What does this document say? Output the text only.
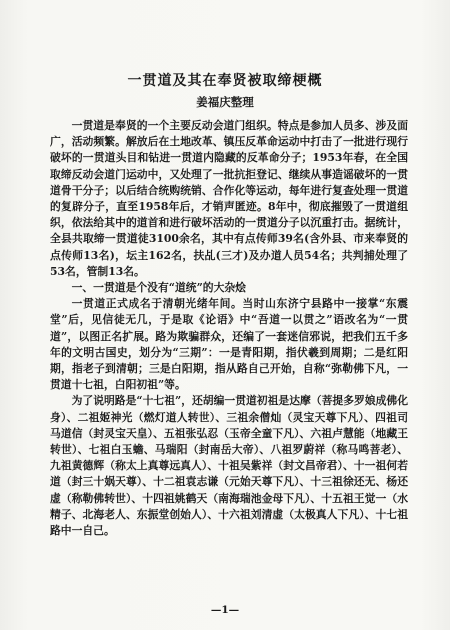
一贯道及其在奉贤被取缔梗概
姜福庆整理

一贯道是奉贤的一个主要反动会道门组织。特点是参加人员多、涉及面广，活动频繁。解放后在土地改革、镇压反革命运动中打击了一批进行现行破坏的一贯道头目和钻进一贯道内隐藏的反革命分子；1953年春，在全国取缔反动会道门运动中，又处理了一批抗拒登记、继续从事造谣破坏的一贯道骨干分子；以后结合统购统销、合作化等运动，每年进行复查处理一贯道的复辟分子，直至1958年后，才销声匿迹。8年中，彻底摧毁了一贯道组织，依法给其中的道首和进行破坏活动的一贯道分子以沉重打击。据统计，全县共取缔一贯道徒3100余名，其中有点传师39名(含外县、市来奉贤的点传师13名)，坛主162名，扶乩(三才)及办道人员54名；共判捕处理了53名，管制13名。

一、一贯道是个没有“道统”的大杂烩

一贯道正式成名于清朝光绪年间。当时山东济宁县路中一接掌“东震堂”后，见信徒无几，于是取《论语》中“吾道一以贯之”语改名为“一贯道”，以图正名扩展。路为欺骗群众，还编了一套迷信邪说，把我们五千多年的文明古国史，划分为“三期”：一是青阳期，指伏羲到周期；二是红阳期，指老子到清朝；三是白阳期，指从路自己开始，自称“弥勒佛下凡，一贯道十七祖，白阳初祖”等。

为了说明路是“十七祖”，还胡编一贯道初祖是达摩（菩提多罗娘成佛化身）、二祖姬神光（燃灯道人转世）、三祖余僧灿（灵宝天尊下凡）、四祖司马道信（封灵宝天皇）、五祖张弘忍（玉帝全童下凡）、六祖卢慧能（地藏王转世）、七祖白玉蟾、马瑞阳（封南岳大帝）、八祖罗蔚祥（称马鸣菩老）、九祖黄德辉（称太上真尊远真人）、十祖吴紫祥（封文昌帝君）、十一祖何若道（封三十娲天尊）、十二祖袁志谦（元始天尊下凡）、十三祖徐还无、杨还虚（称勒佛转世）、十四祖姚鹤天（南海瑞池金母下凡）、十五祖王觉一（水精子、北海老人、东振堂创始人）、十六祖刘清虚（太极真人下凡）、十七祖路中一自己。

—1—
